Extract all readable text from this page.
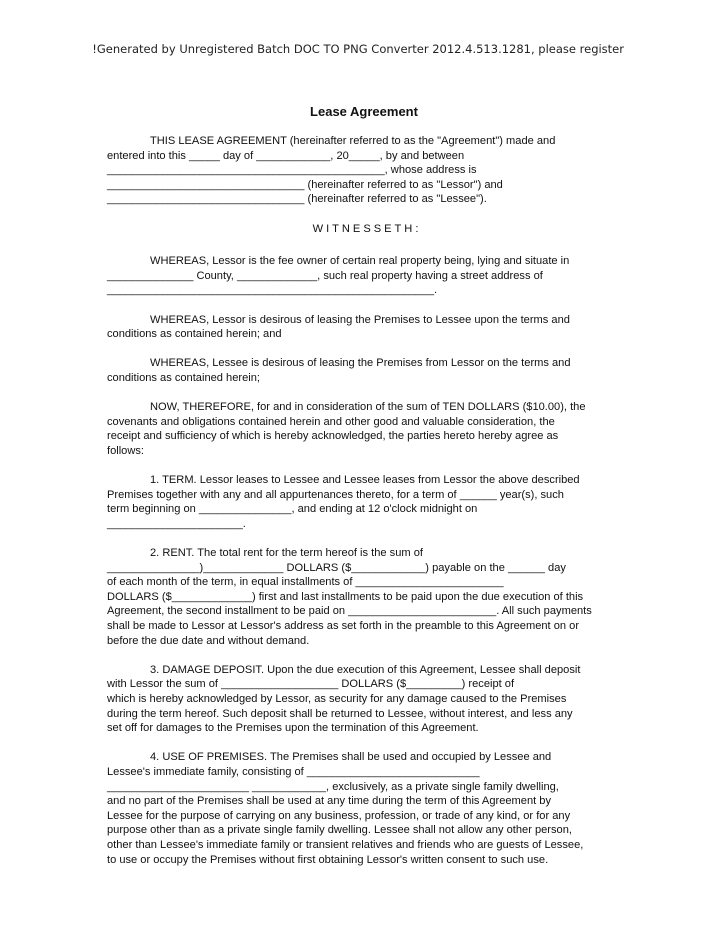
!Generated by Unregistered Batch DOC TO PNG Converter 2012.4.513.1281, please register
Lease Agreement

THIS LEASE AGREEMENT (hereinafter referred to as the "Agreement") made and
entered into this _____ day of ____________, 20_____, by and between
_____________________________________________, whose address is
________________________________ (hereinafter referred to as "Lessor") and
________________________________ (hereinafter referred to as "Lessee").

WITNESSETH:

WHEREAS, Lessor is the fee owner of certain real property being, lying and situate in
______________ County, _____________, such real property having a street address of
_____________________________________________________.

WHEREAS, Lessor is desirous of leasing the Premises to Lessee upon the terms and
conditions as contained herein; and

WHEREAS, Lessee is desirous of leasing the Premises from Lessor on the terms and
conditions as contained herein;

NOW, THEREFORE, for and in consideration of the sum of TEN DOLLARS ($10.00), the
covenants and obligations contained herein and other good and valuable consideration, the
receipt and sufficiency of which is hereby acknowledged, the parties hereto hereby agree as
follows:

1. TERM. Lessor leases to Lessee and Lessee leases from Lessor the above described
Premises together with any and all appurtenances thereto, for a term of ______ year(s), such
term beginning on _______________, and ending at 12 o'clock midnight on
______________________.

2. RENT. The total rent for the term hereof is the sum of
_______________)_____________ DOLLARS ($____________) payable on the ______ day
of each month of the term, in equal installments of ________________________
DOLLARS ($_____________) first and last installments to be paid upon the due execution of this
Agreement, the second installment to be paid on ________________________. All such payments
shall be made to Lessor at Lessor's address as set forth in the preamble to this Agreement on or
before the due date and without demand.

3. DAMAGE DEPOSIT. Upon the due execution of this Agreement, Lessee shall deposit
with Lessor the sum of ___________________ DOLLARS ($_________) receipt of
which is hereby acknowledged by Lessor, as security for any damage caused to the Premises
during the term hereof. Such deposit shall be returned to Lessee, without interest, and less any
set off for damages to the Premises upon the termination of this Agreement.

4. USE OF PREMISES. The Premises shall be used and occupied by Lessee and
Lessee's immediate family, consisting of ____________________________
_______________________ ____________, exclusively, as a private single family dwelling,
and no part of the Premises shall be used at any time during the term of this Agreement by
Lessee for the purpose of carrying on any business, profession, or trade of any kind, or for any
purpose other than as a private single family dwelling. Lessee shall not allow any other person,
other than Lessee's immediate family or transient relatives and friends who are guests of Lessee,
to use or occupy the Premises without first obtaining Lessor's written consent to such use.
